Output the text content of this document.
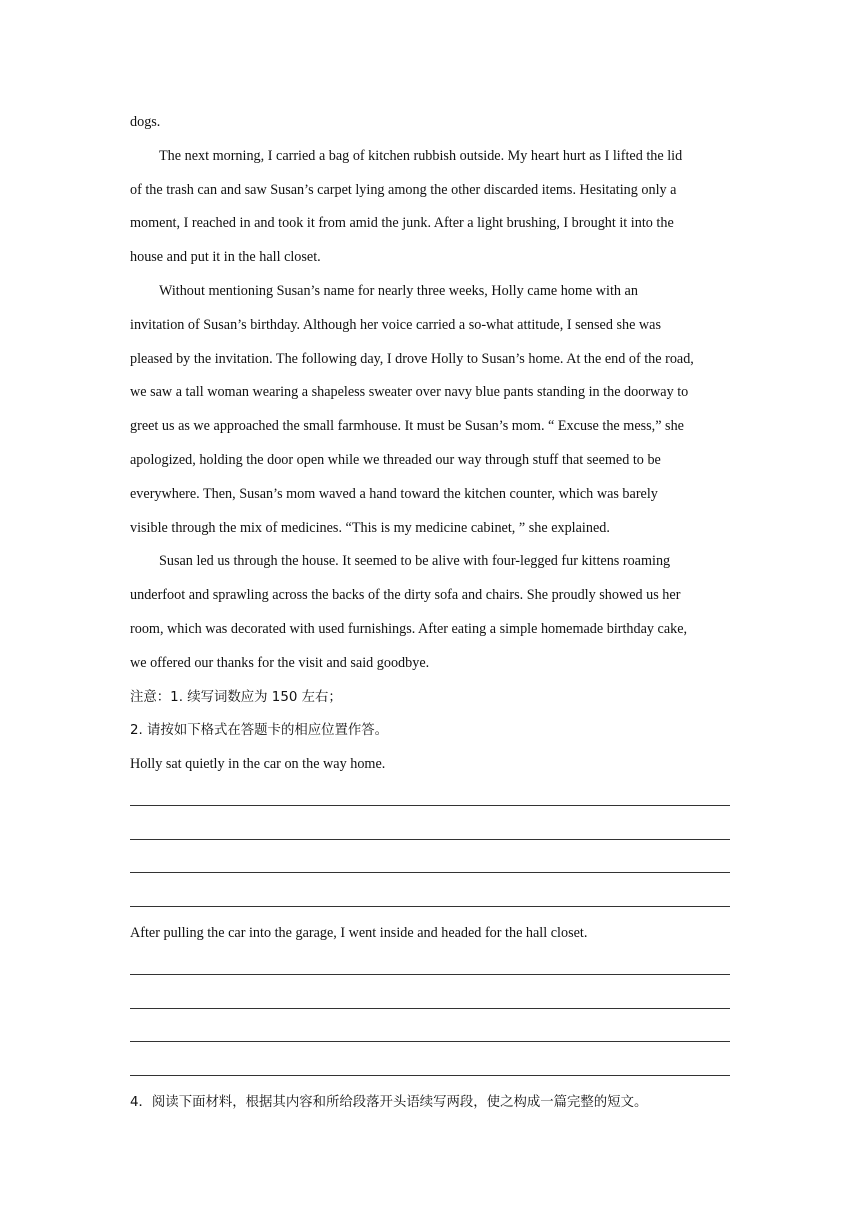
dogs.
The next morning, I carried a bag of kitchen rubbish outside. My heart hurt as I lifted the lid
of the trash can and saw Susan’s carpet lying among the other discarded items. Hesitating only a
moment, I reached in and took it from amid the junk. After a light brushing, I brought it into the
house and put it in the hall closet.
Without mentioning Susan’s name for nearly three weeks, Holly came home with an
invitation of Susan’s birthday. Although her voice carried a so-what attitude, I sensed she was
pleased by the invitation. The following day, I drove Holly to Susan’s home. At the end of the road,
we saw a tall woman wearing a shapeless sweater over navy blue pants standing in the doorway to
greet us as we approached the small farmhouse. It must be Susan’s mom. “ Excuse the mess,” she
apologized, holding the door open while we threaded our way through stuff that seemed to be
everywhere. Then, Susan’s mom waved a hand toward the kitchen counter, which was barely
visible through the mix of medicines. “This is my medicine cabinet, ” she explained.
Susan led us through the house. It seemed to be alive with four-legged fur kittens roaming
underfoot and sprawling across the backs of the dirty sofa and chairs. She proudly showed us her
room, which was decorated with used furnishings. After eating a simple homemade birthday cake,
we offered our thanks for the visit and said goodbye.
注意：1. 续写词数应为 150 左右；
2. 请按如下格式在答题卡的相应位置作答。
Holly sat quietly in the car on the way home.
After pulling the car into the garage, I went inside and headed for the hall closet.
4．阅读下面材料，根据其内容和所给段落开头语续写两段，使之构成一篇完整的短文。
